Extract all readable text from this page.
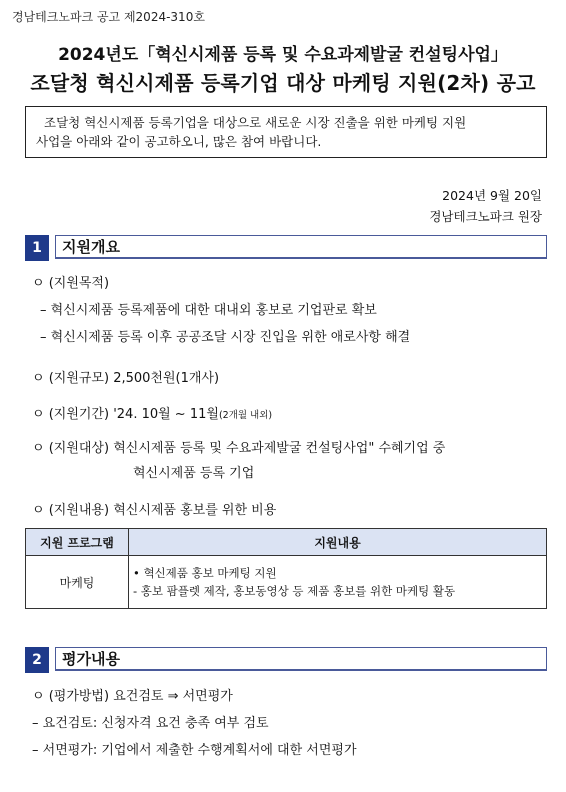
경남테크노파크 공고 제2024-310호
2024년도「혁신시제품 등록 및 수요과제발굴 컨설팅사업」
조달청 혁신시제품 등록기업 대상 마케팅 지원(2차) 공고

조달청 혁신시제품 등록기업을 대상으로 새로운 시장 진출을 위한 마케팅 지원

사업을 아래와 같이 공고하오니, 많은 참여 바랍니다.

2024년 9월 20일
경남테크노파크 원장
1	지원개요
ㅇ (지원목적)
– 혁신시제품 등록제품에 대한 대내외 홍보로 기업판로 확보
– 혁신시제품 등록 이후 공공조달 시장 진입을 위한 애로사항 해결
ㅇ (지원규모) 2,500천원(1개사)
ㅇ (지원기간) '24. 10월 ~ 11월(2개월 내외)
ㅇ (지원대상) 혁신시제품 등록 및 수요과제발굴 컨설팅사업" 수혜기업 중
혁신시제품 등록 기업
ㅇ (지원내용) 혁신시제품 홍보를 위한 비용
지원 프로그램	지원내용
마케팅	• 혁신제품 홍보 마케팅 지원
- 홍보 팜플렛 제작, 홍보동영상 등 제품 홍보를 위한 마케팅 활동
2	평가내용
ㅇ (평가방법) 요건검토 ⇒ 서면평가
– 요건검토: 신청자격 요건 충족 여부 검토
– 서면평가: 기업에서 제출한 수행계획서에 대한 서면평가
